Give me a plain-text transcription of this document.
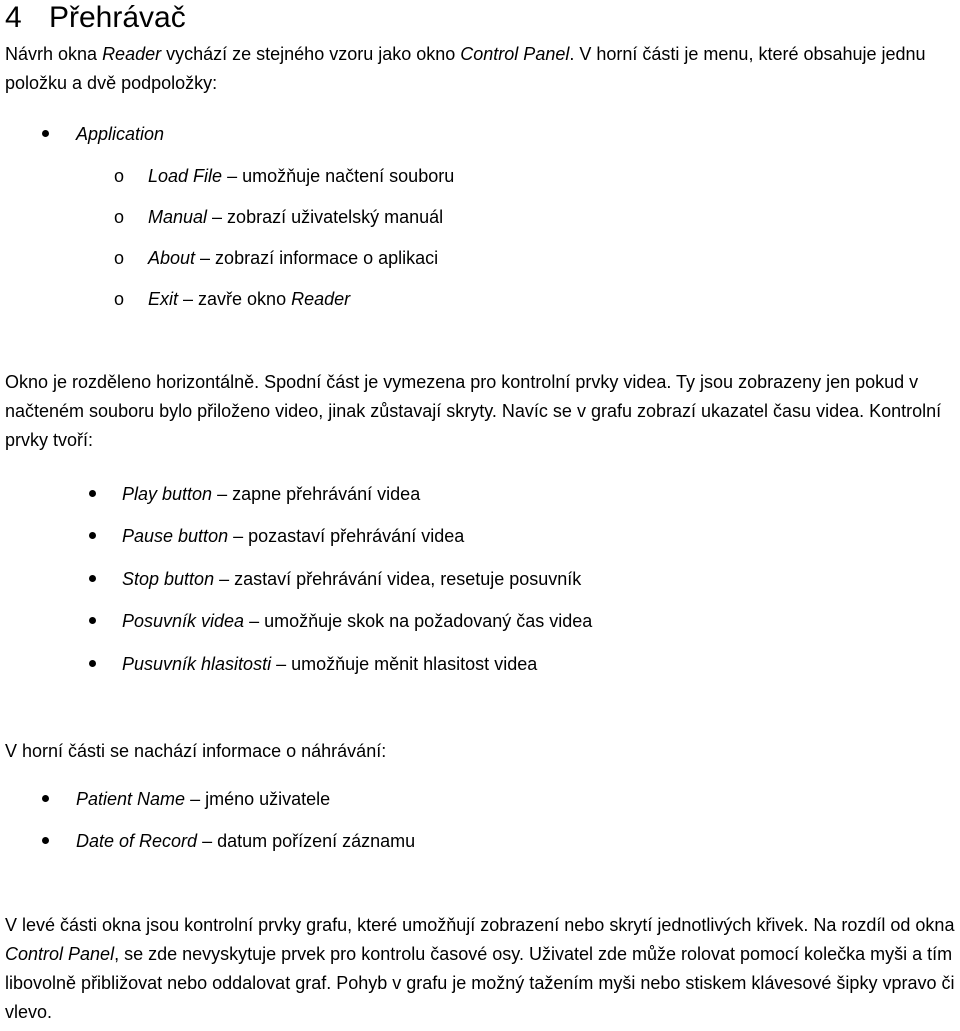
4 Přehrávač

Návrh okna Reader vychází ze stejného vzoru jako okno Control Panel. V horní části je menu, které obsahuje jednu položku a dvě podpoložky:

Application
o Load File – umožňuje načtení souboru
o Manual – zobrazí uživatelský manuál
o About – zobrazí informace o aplikaci
o Exit – zavře okno Reader

Okno je rozděleno horizontálně. Spodní část je vymezena pro kontrolní prvky videa. Ty jsou zobrazeny jen pokud v načteném souboru bylo přiloženo video, jinak zůstavají skryty. Navíc se v grafu zobrazí ukazatel času videa. Kontrolní prvky tvoří:

Play button – zapne přehrávání videa
Pause button – pozastaví přehrávání videa
Stop button – zastaví přehrávání videa, resetuje posuvník
Posuvník videa – umožňuje skok na požadovaný čas videa
Pusuvník hlasitosti – umožňuje měnit hlasitost videa

V horní části se nachází informace o náhrávání:

Patient Name – jméno uživatele
Date of Record – datum pořízení záznamu

V levé části okna jsou kontrolní prvky grafu, které umožňují zobrazení nebo skrytí jednotlivých křivek. Na rozdíl od okna Control Panel, se zde nevyskytuje prvek pro kontrolu časové osy. Uživatel zde může rolovat pomocí kolečka myši a tím libovolně přibližovat nebo oddalovat graf. Pohyb v grafu je možný tažením myši nebo stiskem klávesové šipky vpravo či vlevo.
